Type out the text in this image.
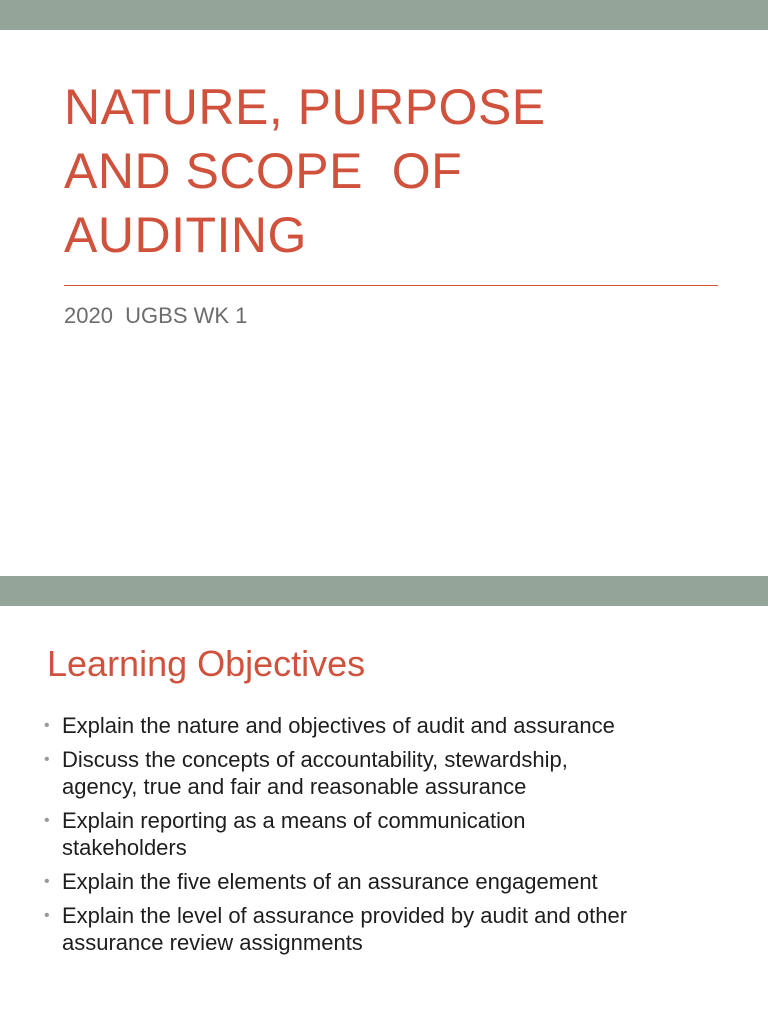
NATURE, PURPOSE
AND SCOPE  OF
AUDITING

2020  UGBS WK 1

Learning Objectives
• Explain the nature and objectives of audit and assurance
• Discuss the concepts of accountability, stewardship,
agency, true and fair and reasonable assurance
• Explain reporting as a means of communication
stakeholders
• Explain the five elements of an assurance engagement
• Explain the level of assurance provided by audit and other
assurance review assignments
